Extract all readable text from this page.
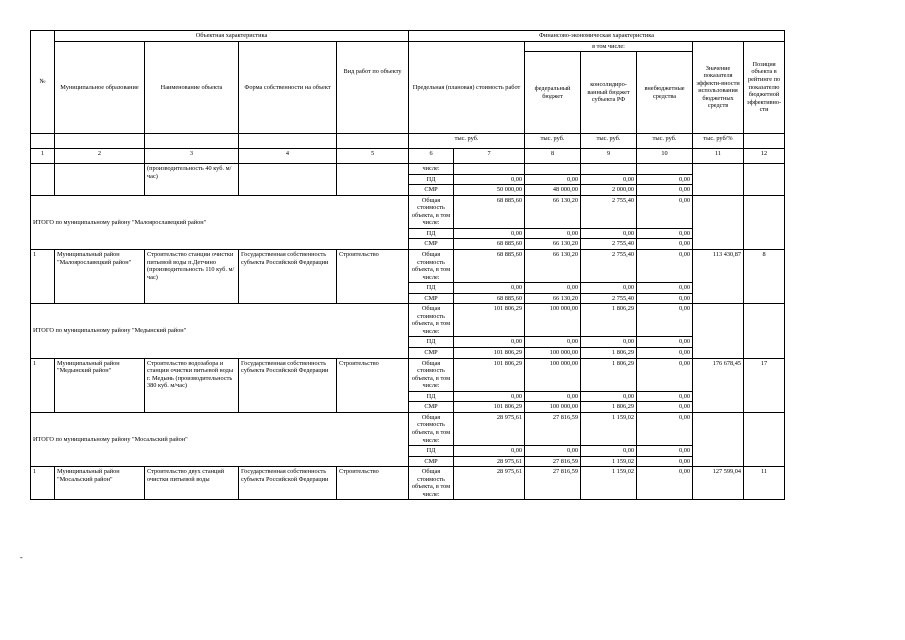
№	Объектная характеристика				Финансово-экономическая характеристика						
	Муниципальное образование	Наименование объекта	Форма собственности на объект	Вид работ по объекту	Предельная (плановая) стоимость работ		в том числе:			Значение показателя эффекти-вности использования бюджетных средств	Позиция объекта в рейтинге по показателю бюджетной эффективно-сти
							федеральный бюджет	консолидиро-ванный бюджет субъекта РФ	внебюджетные средства		
					тыс. руб.		тыс. руб.	тыс. руб.	тыс. руб.	тыс. руб/%	
1	2	3	4	5	6	7	8	9	10	11	12
		(производительность 40 куб. м/час)			числе:						
					ПД	0,00	0,00	0,00	0,00		
					СМР	50 000,00	48 000,00	2 000,00	0,00		
ИТОГО по муниципальному району "Малоярославецкий район"					Общая стоимость объекта, в том числе:	68 885,60	66 130,20	2 755,40	0,00		
					ПД	0,00	0,00	0,00	0,00		
					СМР	68 885,60	66 130,20	2 755,40	0,00		
1	Муниципальный район "Малоярославецкий район"	Строительство станции очистки питьевой воды п.Детчино (производительность 110 куб. м/час)	Государственная собственность субъекта Российской Федерации	Строительство	Общая стоимость объекта, в том числе:	68 885,60	66 130,20	2 755,40	0,00	113 430,87	8
					ПД	0,00	0,00	0,00	0,00		
					СМР	68 885,60	66 130,20	2 755,40	0,00		
ИТОГО по муниципальному району "Медынский район"					Общая стоимость объекта, в том числе:	101 806,29	100 000,00	1 806,29	0,00		
					ПД	0,00	0,00	0,00	0,00		
					СМР	101 806,29	100 000,00	1 806,29	0,00		
1	Муниципальный район "Медынский район"	Строительство водозабора и станции очистки питьевой воды г. Медынь (производительность 380 куб. м/час)	Государственная собственность субъекта Российской Федерации	Строительство	Общая стоимость объекта, в том числе:	101 806,29	100 000,00	1 806,29	0,00	176 678,45	17
					ПД	0,00	0,00	0,00	0,00		
					СМР	101 806,29	100 000,00	1 806,29	0,00		
ИТОГО по муниципальному району "Мосальский район"					Общая стоимость объекта, в том числе:	28 975,61	27 816,59	1 159,02	0,00		
					ПД	0,00	0,00	0,00	0,00		
					СМР	28 975,61	27 816,59	1 159,02	0,00		
1	Муниципальный район "Мосальский район"	Строительство двух станций очистки питьевой воды	Государственная собственность субъекта Российской Федерации	Строительство	Общая стоимость объекта, в том числе:	28 975,61	27 816,59	1 159,02	0,00	127 599,04	11
-
